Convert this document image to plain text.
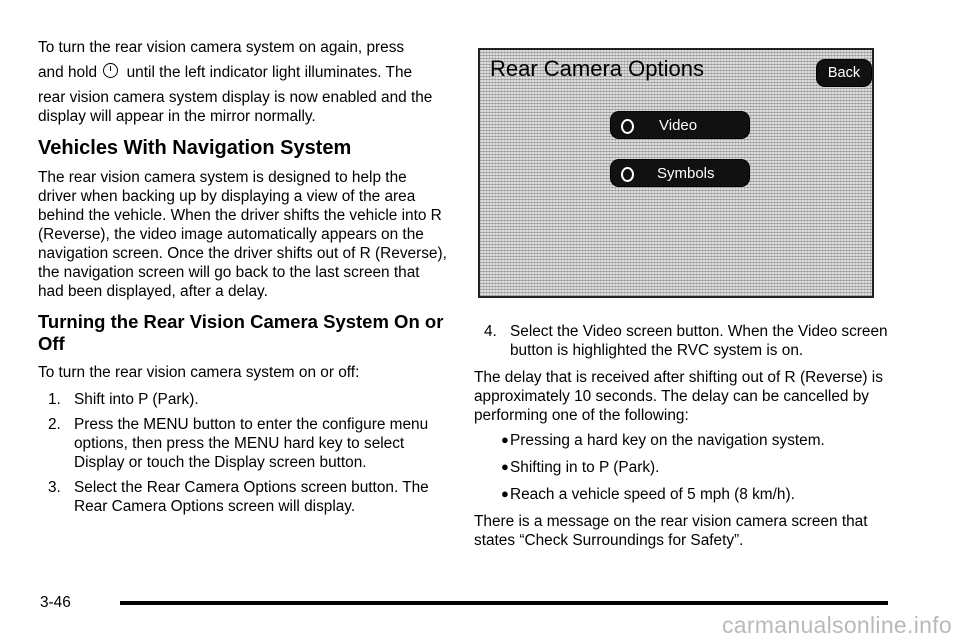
To turn the rear vision camera system on again, press

and hold until the left indicator light illuminates. The

rear vision camera system display is now enabled and the display will appear in the mirror normally.

Vehicles With Navigation System

The rear vision camera system is designed to help the driver when backing up by displaying a view of the area behind the vehicle. When the driver shifts the vehicle into R (Reverse), the video image automatically appears on the navigation screen. Once the driver shifts out of R (Reverse), the navigation screen will go back to the last screen that had been displayed, after a delay.

Turning the Rear Vision Camera System On or Off

To turn the rear vision camera system on or off:

1. Shift into P (Park).
2. Press the MENU button to enter the configure menu options, then press the MENU hard key to select Display or touch the Display screen button.
3. Select the Rear Camera Options screen button. The Rear Camera Options screen will display.
Rear Camera Options	Back
Video
Symbols
4. Select the Video screen button. When the Video screen button is highlighted the RVC system is on.

The delay that is received after shifting out of R (Reverse) is approximately 10 seconds. The delay can be cancelled by performing one of the following:

● Pressing a hard key on the navigation system.
● Shifting in to P (Park).
● Reach a vehicle speed of 5 mph (8 km/h).

There is a message on the rear vision camera screen that states “Check Surroundings for Safety”.

3-46
carmanualsonline.info
